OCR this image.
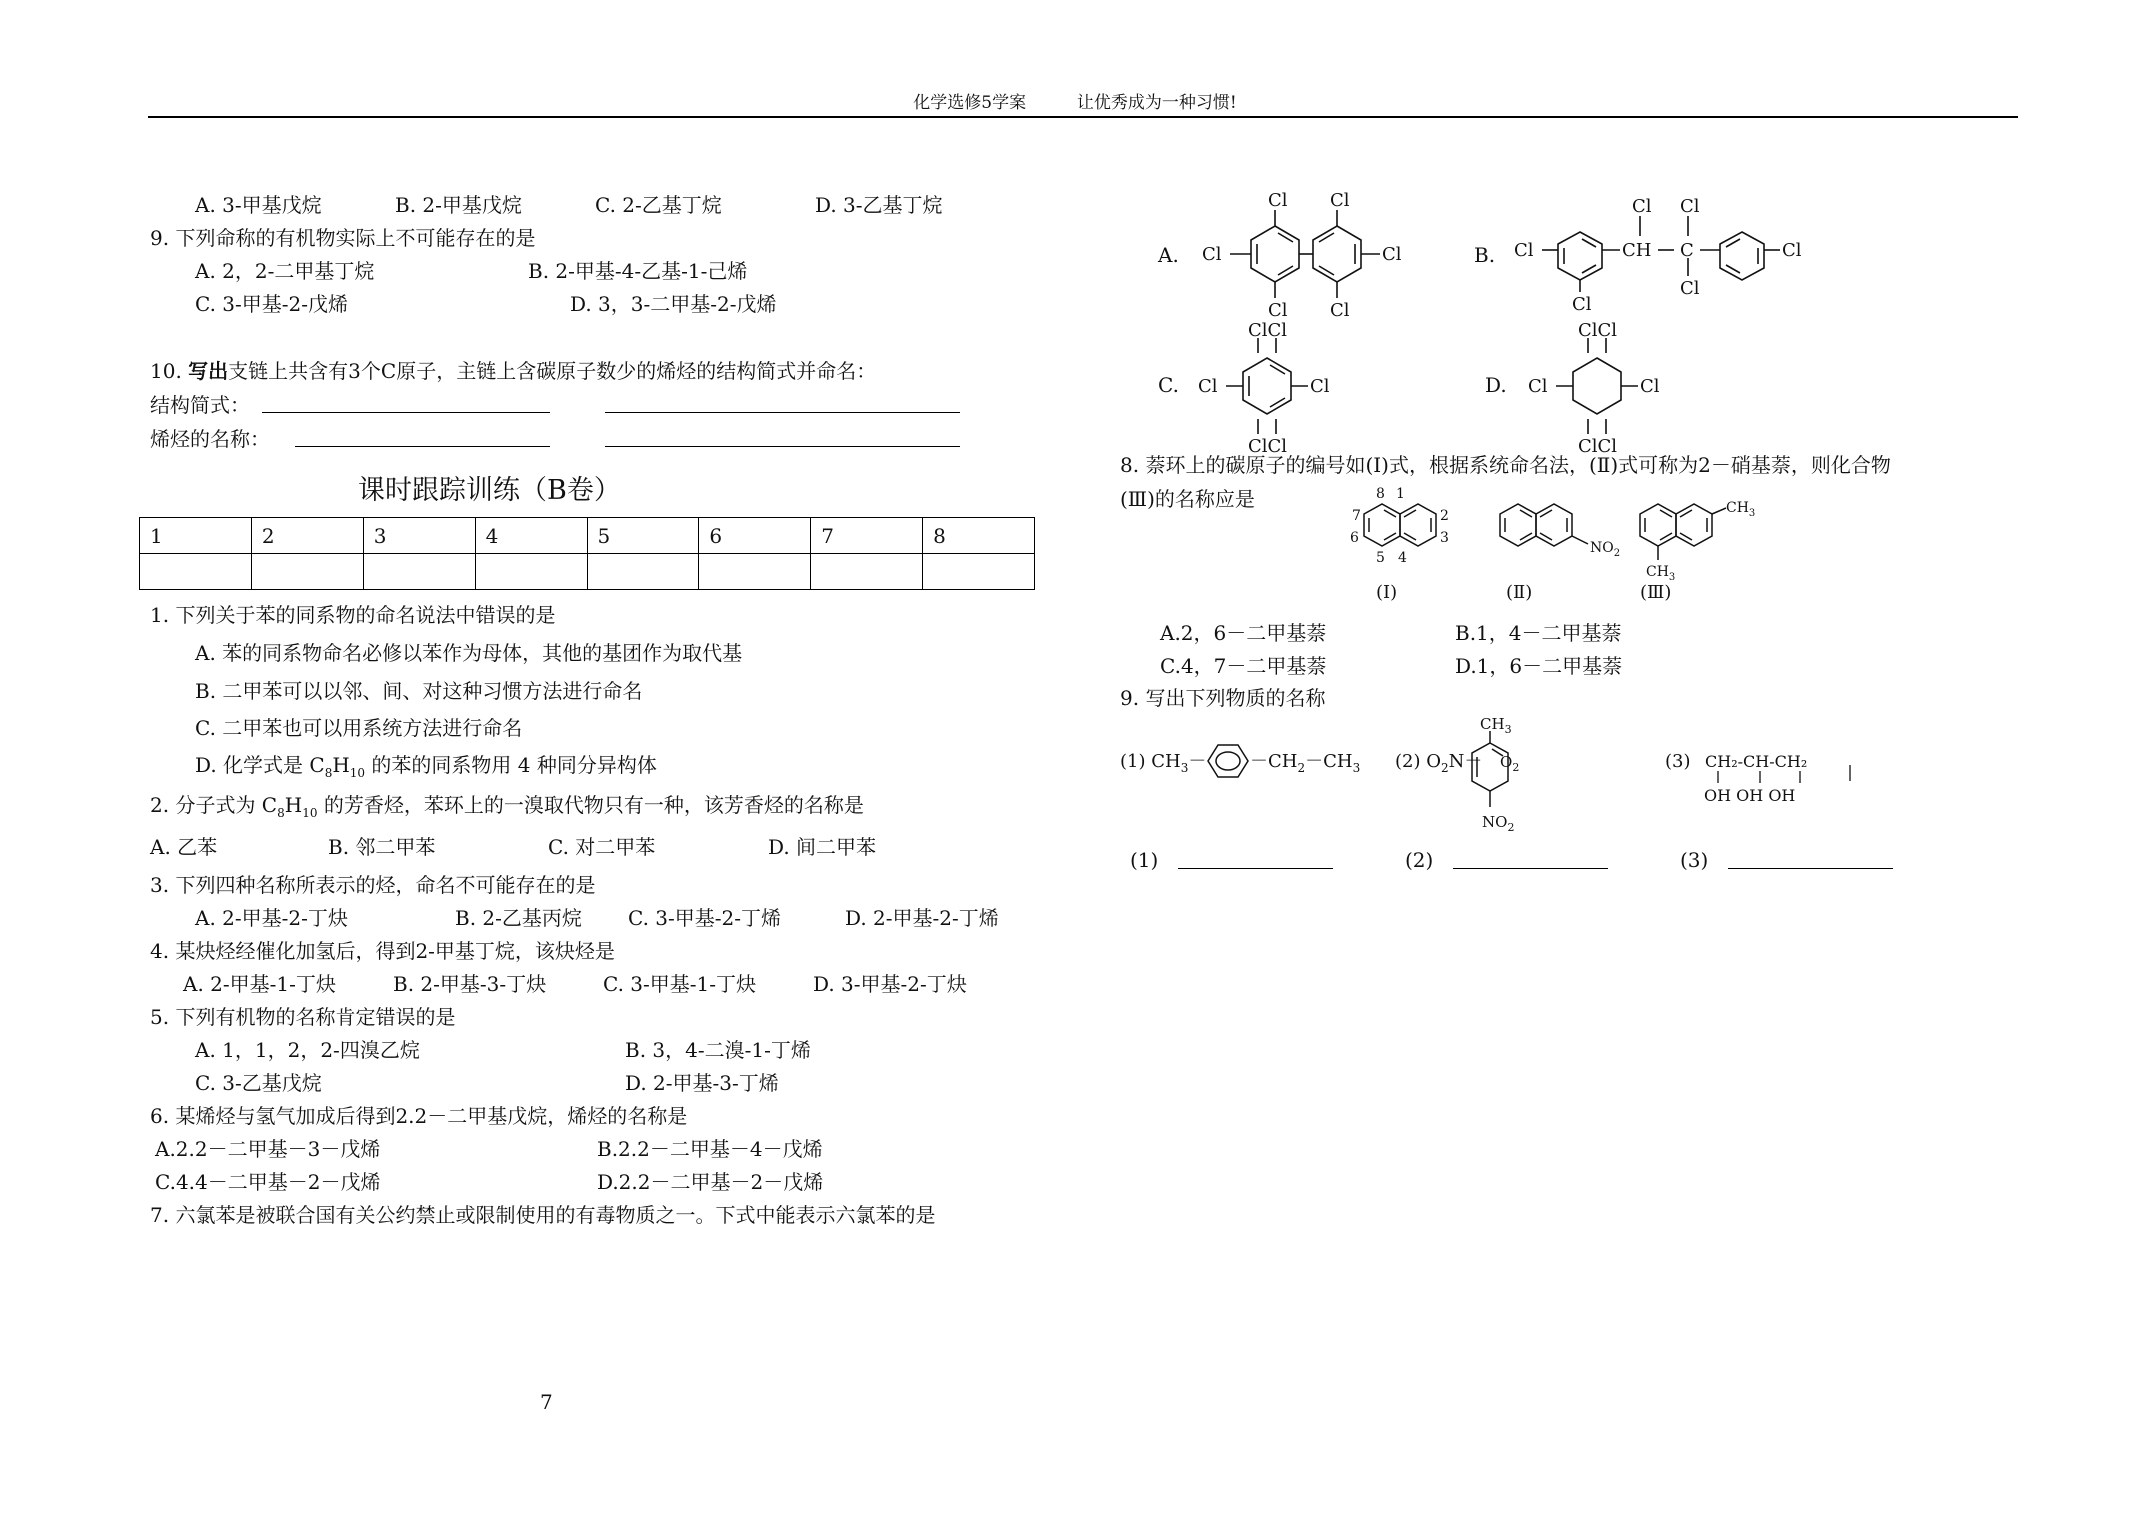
化学选修5学案	让优秀成为一种习惯!
A. 3-甲基戊烷	B. 2-甲基戊烷	C. 2-乙基丁烷	D. 3-乙基丁烷
9. 下列命称的有机物实际上不可能存在的是
A. 2，2-二甲基丁烷	B. 2-甲基-4-乙基-1-己烯
C. 3-甲基-2-戊烯	D. 3，3-二甲基-2-戊烯
10. 写出支链上共含有3个C原子，主链上含碳原子数少的烯烃的结构简式并命名：
结构简式：
烯烃的名称：
课时跟踪训练（B卷）
1	2	3	4	5	6	7	8

1. 下列关于苯的同系物的命名说法中错误的是
A. 苯的同系物命名必修以苯作为母体，其他的基团作为取代基
B. 二甲苯可以以邻、间、对这种习惯方法进行命名
C. 二甲苯也可以用系统方法进行命名
D. 化学式是 $C_8H_{10}$ 的苯的同系物用 4 种同分异构体
2. 分子式为 $C_8H_{10}$ 的芳香烃，苯环上的一溴取代物只有一种，该芳香烃的名称是
A. 乙苯	B. 邻二甲苯	C. 对二甲苯	D. 间二甲苯
3. 下列四种名称所表示的烃，命名不可能存在的是
A. 2-甲基-2-丁炔	B. 2-乙基丙烷 C. 3-甲基-2-丁烯	D. 2-甲基-2-丁烯
4. 某炔烃经催化加氢后，得到2-甲基丁烷，该炔烃是
A. 2-甲基-1-丁炔	B. 2-甲基-3-丁炔	C. 3-甲基-1-丁炔	D. 3-甲基-2-丁炔
5. 下列有机物的名称肯定错误的是
A. 1，1，2，2-四溴乙烷	B. 3，4-二溴-1-丁烯
C. 3-乙基戊烷	D. 2-甲基-3-丁烯
6. 某烯烃与氢气加成后得到2.2－二甲基戊烷，烯烃的名称是
A.2.2－二甲基－3－戊烯	B.2.2－二甲基－4－戊烯
C.4.4－二甲基－2－戊烯	D.2.2－二甲基－2－戊烯
7. 六氯苯是被联合国有关公约禁止或限制使用的有毒物质之一。下式中能表示六氯苯的是
7
A.	B.
C.	D.
Cl
Cl
Cl
Cl
Cl
Cl
Cl
Cl
CH
Cl
C
Cl
Cl
Cl
ClCl
Cl	Cl
ClCl
ClCl
Cl	Cl
ClCl
8. 萘环上的碳原子的编号如(Ⅰ)式，根据系统命名法，(Ⅱ)式可称为2－硝基萘，则化合物
(Ⅲ)的名称应是	8 1
7	2
6	3
5 4
$NO_2$
$CH_3$
$CH_3$
(Ⅰ)	(Ⅱ)	(Ⅲ)
A.2，6－二甲基萘	B.1，4－二甲基萘
C.4，7－二甲基萘	D.1，6－二甲基萘
9. 写出下列物质的名称
(1) $CH_3- -CH_2-CH_3$ (2) $O_2N-$
$CH_3$
$O_2$
$NO_2$
(3) CH₂-CH-CH₂
OH OH OH
(1)	(2)	(3)
